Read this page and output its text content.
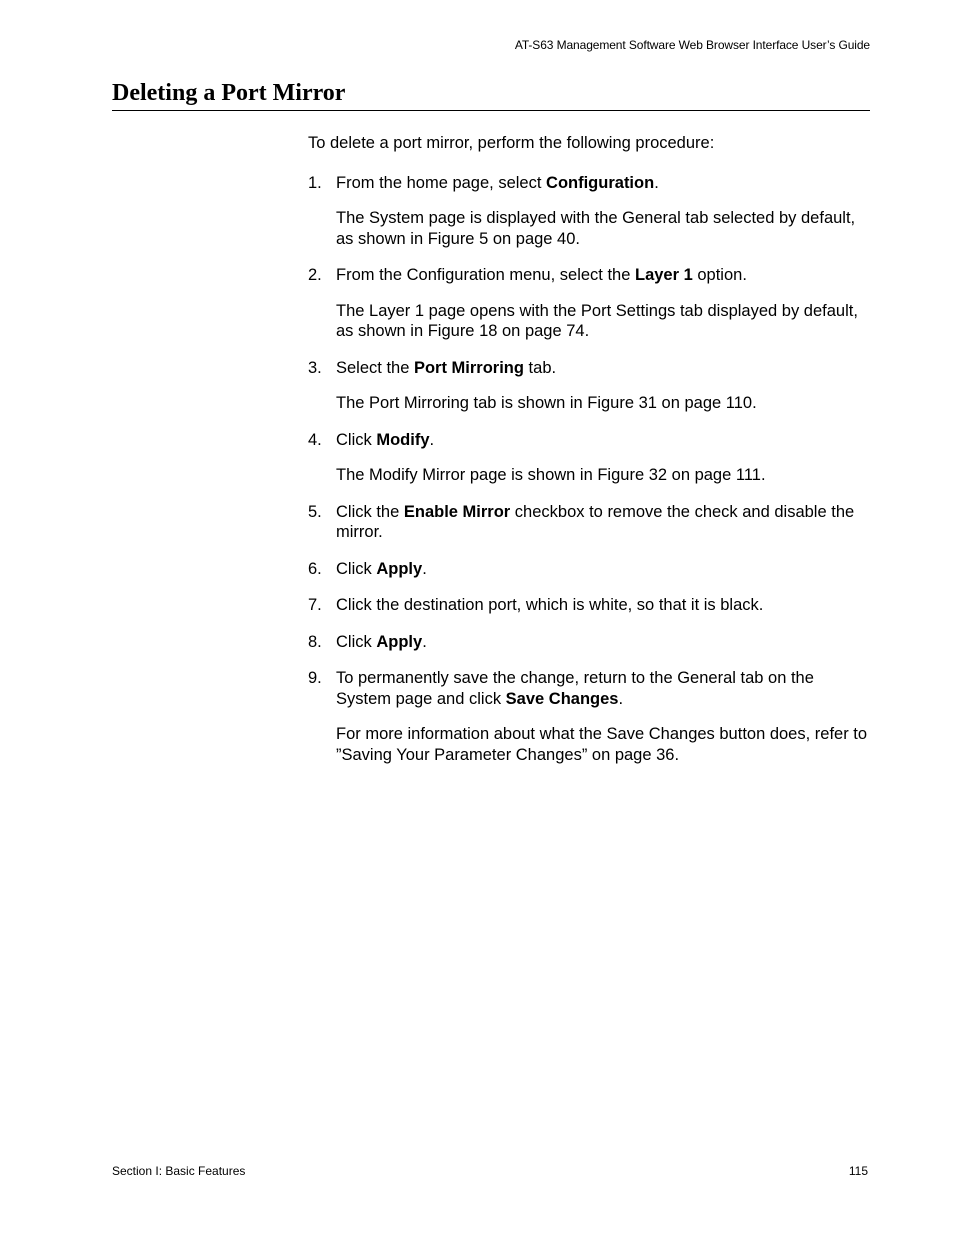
AT-S63 Management Software Web Browser Interface User’s Guide
Deleting a Port Mirror

To delete a port mirror, perform the following procedure:

1. From the home page, select Configuration.

The System page is displayed with the General tab selected by default, as shown in Figure 5 on page 40.

2. From the Configuration menu, select the Layer 1 option.

The Layer 1 page opens with the Port Settings tab displayed by default, as shown in Figure 18 on page 74.

3. Select the Port Mirroring tab.

The Port Mirroring tab is shown in Figure 31 on page 110.

4. Click Modify.

The Modify Mirror page is shown in Figure 32 on page 111.

5. Click the Enable Mirror checkbox to remove the check and disable the mirror.

6. Click Apply.

7. Click the destination port, which is white, so that it is black.

8. Click Apply.

9. To permanently save the change, return to the General tab on the System page and click Save Changes.

For more information about what the Save Changes button does, refer to ”Saving Your Parameter Changes” on page 36.

Section I: Basic Features	115
